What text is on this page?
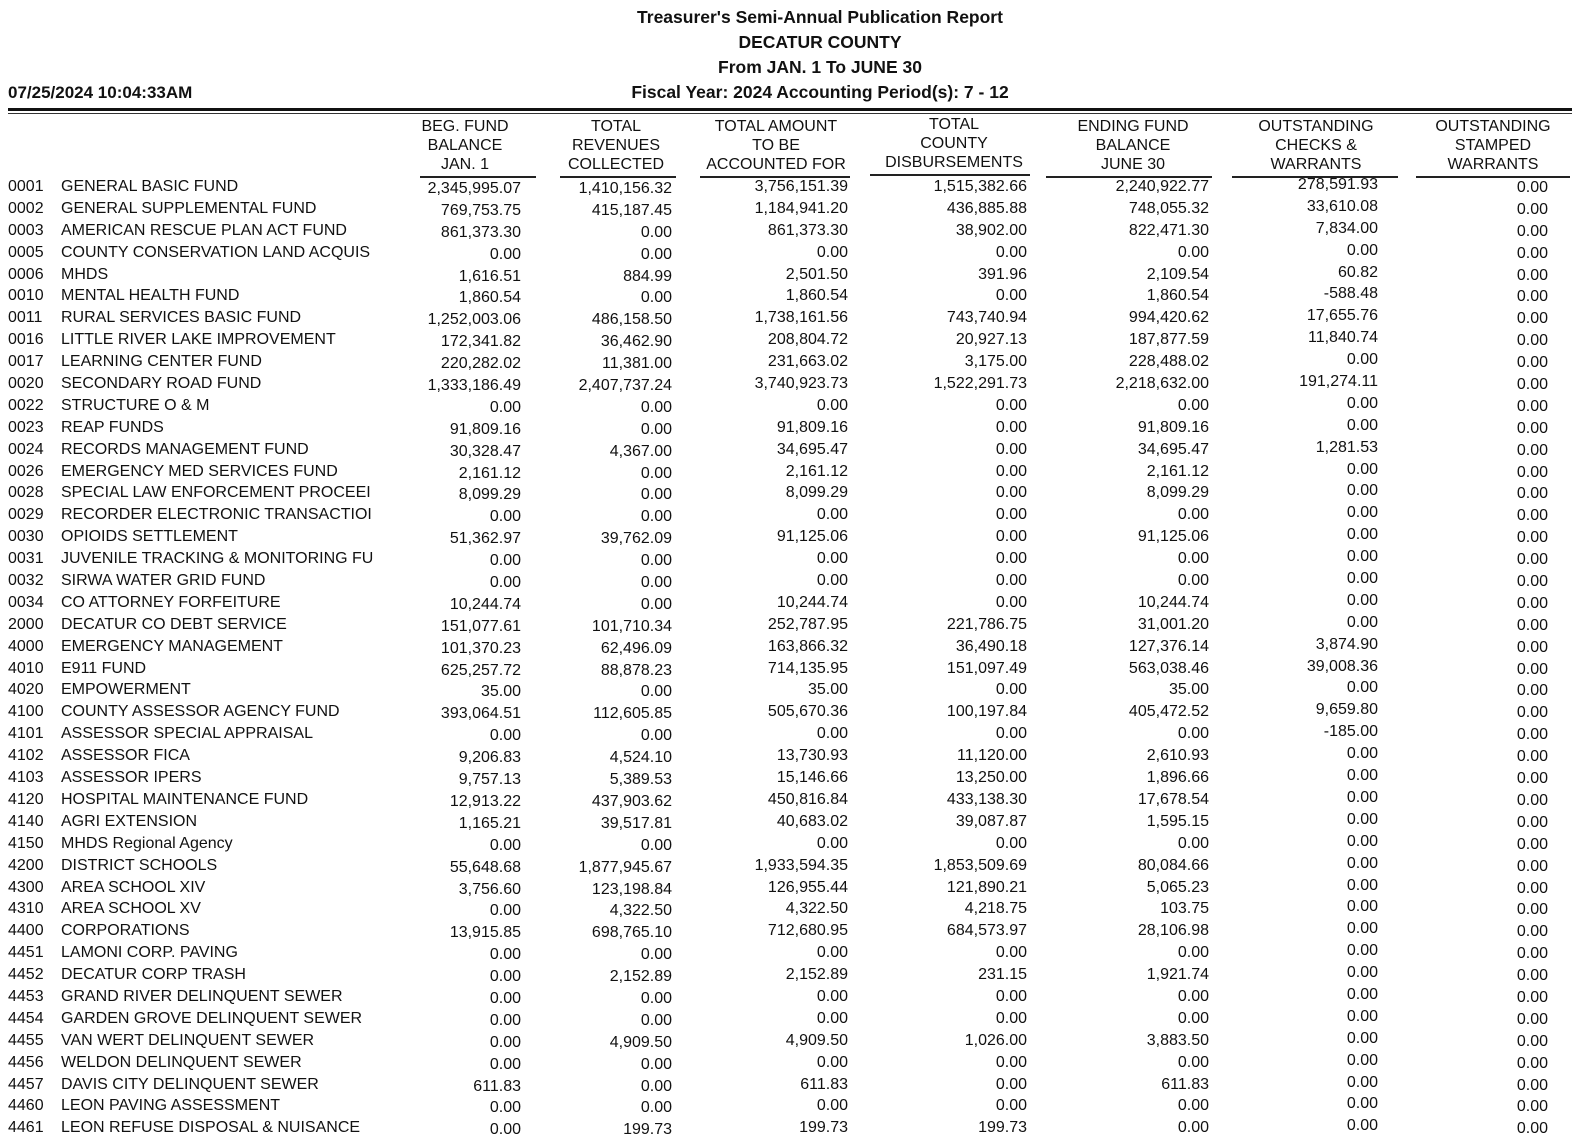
Treasurer's Semi-Annual Publication Report
DECATUR COUNTY
From JAN. 1 To JUNE 30
Fiscal Year: 2024 Accounting Period(s): 7 - 12
07/25/2024 10:04:33AM
BEG. FUND
BALANCE
JAN. 1
TOTAL
REVENUES
COLLECTED
TOTAL AMOUNT
TO BE
ACCOUNTED FOR
TOTAL
COUNTY
DISBURSEMENTS
ENDING FUND
BALANCE
JUNE 30
OUTSTANDING
CHECKS &
WARRANTS
OUTSTANDING
STAMPED
WARRANTS
0001 GENERAL BASIC FUND	2,345,995.07	1,410,156.32	3,756,151.39	1,515,382.66	2,240,922.77	278,591.93	0.00
0002 GENERAL SUPPLEMENTAL FUND	769,753.75	415,187.45	1,184,941.20	436,885.88	748,055.32	33,610.08	0.00
0003 AMERICAN RESCUE PLAN ACT FUND	861,373.30	0.00	861,373.30	38,902.00	822,471.30	7,834.00	0.00
0005 COUNTY CONSERVATION LAND ACQUIS	0.00	0.00	0.00	0.00	0.00	0.00	0.00
0006 MHDS	1,616.51	884.99	2,501.50	391.96	2,109.54	60.82	0.00
0010 MENTAL HEALTH FUND	1,860.54	0.00	1,860.54	0.00	1,860.54	-588.48	0.00
0011 RURAL SERVICES BASIC FUND	1,252,003.06	486,158.50	1,738,161.56	743,740.94	994,420.62	17,655.76	0.00
0016 LITTLE RIVER LAKE IMPROVEMENT	172,341.82	36,462.90	208,804.72	20,927.13	187,877.59	11,840.74	0.00
0017 LEARNING CENTER FUND	220,282.02	11,381.00	231,663.02	3,175.00	228,488.02	0.00	0.00
0020 SECONDARY ROAD FUND	1,333,186.49	2,407,737.24	3,740,923.73	1,522,291.73	2,218,632.00	191,274.11	0.00
0022 STRUCTURE O & M	0.00	0.00	0.00	0.00	0.00	0.00	0.00
0023 REAP FUNDS	91,809.16	0.00	91,809.16	0.00	91,809.16	0.00	0.00
0024 RECORDS MANAGEMENT FUND	30,328.47	4,367.00	34,695.47	0.00	34,695.47	1,281.53	0.00
0026 EMERGENCY MED SERVICES FUND	2,161.12	0.00	2,161.12	0.00	2,161.12	0.00	0.00
0028 SPECIAL LAW ENFORCEMENT PROCEEI	8,099.29	0.00	8,099.29	0.00	8,099.29	0.00	0.00
0029 RECORDER ELECTRONIC TRANSACTIOI	0.00	0.00	0.00	0.00	0.00	0.00	0.00
0030 OPIOIDS SETTLEMENT	51,362.97	39,762.09	91,125.06	0.00	91,125.06	0.00	0.00
0031 JUVENILE TRACKING & MONITORING FU	0.00	0.00	0.00	0.00	0.00	0.00	0.00
0032 SIRWA WATER GRID FUND	0.00	0.00	0.00	0.00	0.00	0.00	0.00
0034 CO ATTORNEY FORFEITURE	10,244.74	0.00	10,244.74	0.00	10,244.74	0.00	0.00
2000 DECATUR CO DEBT SERVICE	151,077.61	101,710.34	252,787.95	221,786.75	31,001.20	0.00	0.00
4000 EMERGENCY MANAGEMENT	101,370.23	62,496.09	163,866.32	36,490.18	127,376.14	3,874.90	0.00
4010 E911 FUND	625,257.72	88,878.23	714,135.95	151,097.49	563,038.46	39,008.36	0.00
4020 EMPOWERMENT	35.00	0.00	35.00	0.00	35.00	0.00	0.00
4100 COUNTY ASSESSOR AGENCY FUND	393,064.51	112,605.85	505,670.36	100,197.84	405,472.52	9,659.80	0.00
4101 ASSESSOR SPECIAL APPRAISAL	0.00	0.00	0.00	0.00	0.00	-185.00	0.00
4102 ASSESSOR FICA	9,206.83	4,524.10	13,730.93	11,120.00	2,610.93	0.00	0.00
4103 ASSESSOR IPERS	9,757.13	5,389.53	15,146.66	13,250.00	1,896.66	0.00	0.00
4120 HOSPITAL MAINTENANCE FUND	12,913.22	437,903.62	450,816.84	433,138.30	17,678.54	0.00	0.00
4140 AGRI EXTENSION	1,165.21	39,517.81	40,683.02	39,087.87	1,595.15	0.00	0.00
4150 MHDS Regional Agency	0.00	0.00	0.00	0.00	0.00	0.00	0.00
4200 DISTRICT SCHOOLS	55,648.68	1,877,945.67	1,933,594.35	1,853,509.69	80,084.66	0.00	0.00
4300 AREA SCHOOL XIV	3,756.60	123,198.84	126,955.44	121,890.21	5,065.23	0.00	0.00
4310 AREA SCHOOL XV	0.00	4,322.50	4,322.50	4,218.75	103.75	0.00	0.00
4400 CORPORATIONS	13,915.85	698,765.10	712,680.95	684,573.97	28,106.98	0.00	0.00
4451 LAMONI CORP. PAVING	0.00	0.00	0.00	0.00	0.00	0.00	0.00
4452 DECATUR CORP TRASH	0.00	2,152.89	2,152.89	231.15	1,921.74	0.00	0.00
4453 GRAND RIVER DELINQUENT SEWER	0.00	0.00	0.00	0.00	0.00	0.00	0.00
4454 GARDEN GROVE DELINQUENT SEWER	0.00	0.00	0.00	0.00	0.00	0.00	0.00
4455 VAN WERT DELINQUENT SEWER	0.00	4,909.50	4,909.50	1,026.00	3,883.50	0.00	0.00
4456 WELDON DELINQUENT SEWER	0.00	0.00	0.00	0.00	0.00	0.00	0.00
4457 DAVIS CITY DELINQUENT SEWER	611.83	0.00	611.83	0.00	611.83	0.00	0.00
4460 LEON PAVING ASSESSMENT	0.00	0.00	0.00	0.00	0.00	0.00	0.00
4461 LEON REFUSE DISPOSAL & NUISANCE	0.00	199.73	199.73	199.73	0.00	0.00	0.00
